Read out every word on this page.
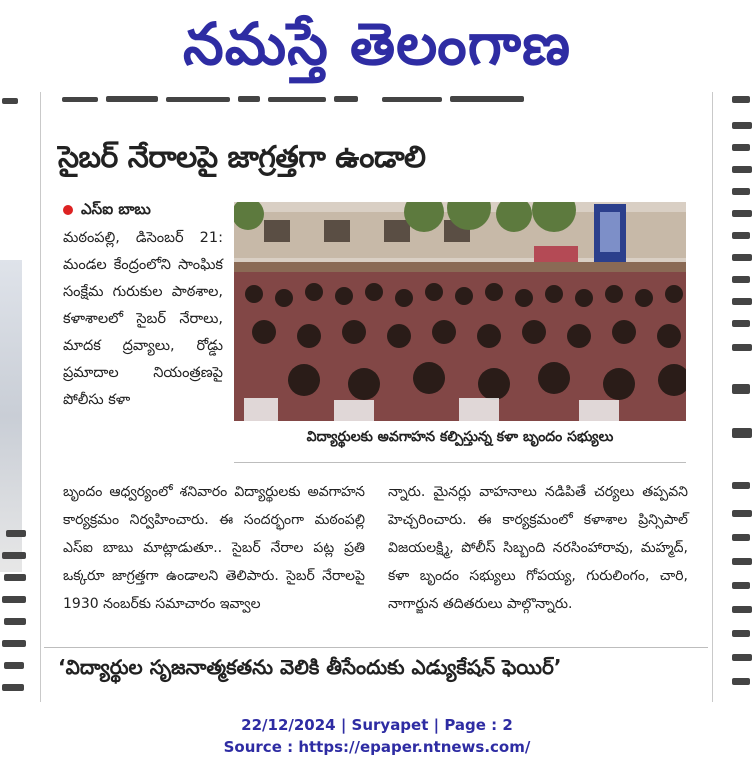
నమస్తే తెలంగాణ
సైబర్ నేరాలపై జాగ్రత్తగా ఉండాలి
ఎస్‌ఐ బాబు
మఠంపల్లి, డిసెంబర్ 21: మండల కేంద్రంలోని సాంఘిక సంక్షేమ గురుకుల పాఠశాల, కళాశాలలో సైబర్ నేరాలు, మాదక ద్రవ్యాలు, రోడ్డు ప్రమాదాల నియంత్రణపై పోలీసు కళా
విద్యార్థులకు అవగాహన కల్పిస్తున్న కళా బృందం సభ్యులు
బృందం ఆధ్వర్యంలో శనివారం విద్యార్థులకు అవగాహన కార్యక్రమం నిర్వహించారు. ఈ సందర్భంగా మఠంపల్లి ఎస్‌ఐ బాబు మాట్లాడుతూ.. సైబర్ నేరాల పట్ల ప్రతి ఒక్కరూ జాగ్రత్తగా ఉండాలని తెలిపారు. సైబర్ నేరాలపై 1930 నంబర్‌కు సమాచారం ఇవ్వాల
న్నారు. మైనర్లు వాహనాలు నడిపితే చర్యలు తప్పవని హెచ్చరించారు. ఈ కార్యక్రమంలో కళాశాల ప్రిన్సిపాల్ విజయలక్ష్మి, పోలీస్ సిబ్బంది నరసింహారావు, మహ్మద్, కళా బృందం సభ్యులు గోపయ్య, గురులింగం, చారి, నాగార్జున తదితరులు పాల్గొన్నారు.
‘విద్యార్థుల సృజనాత్మకతను వెలికి తీసేందుకు ఎడ్యుకేషన్ ఫెయిర్’
22/12/2024 | Suryapet | Page : 2
Source : https://epaper.ntnews.com/
